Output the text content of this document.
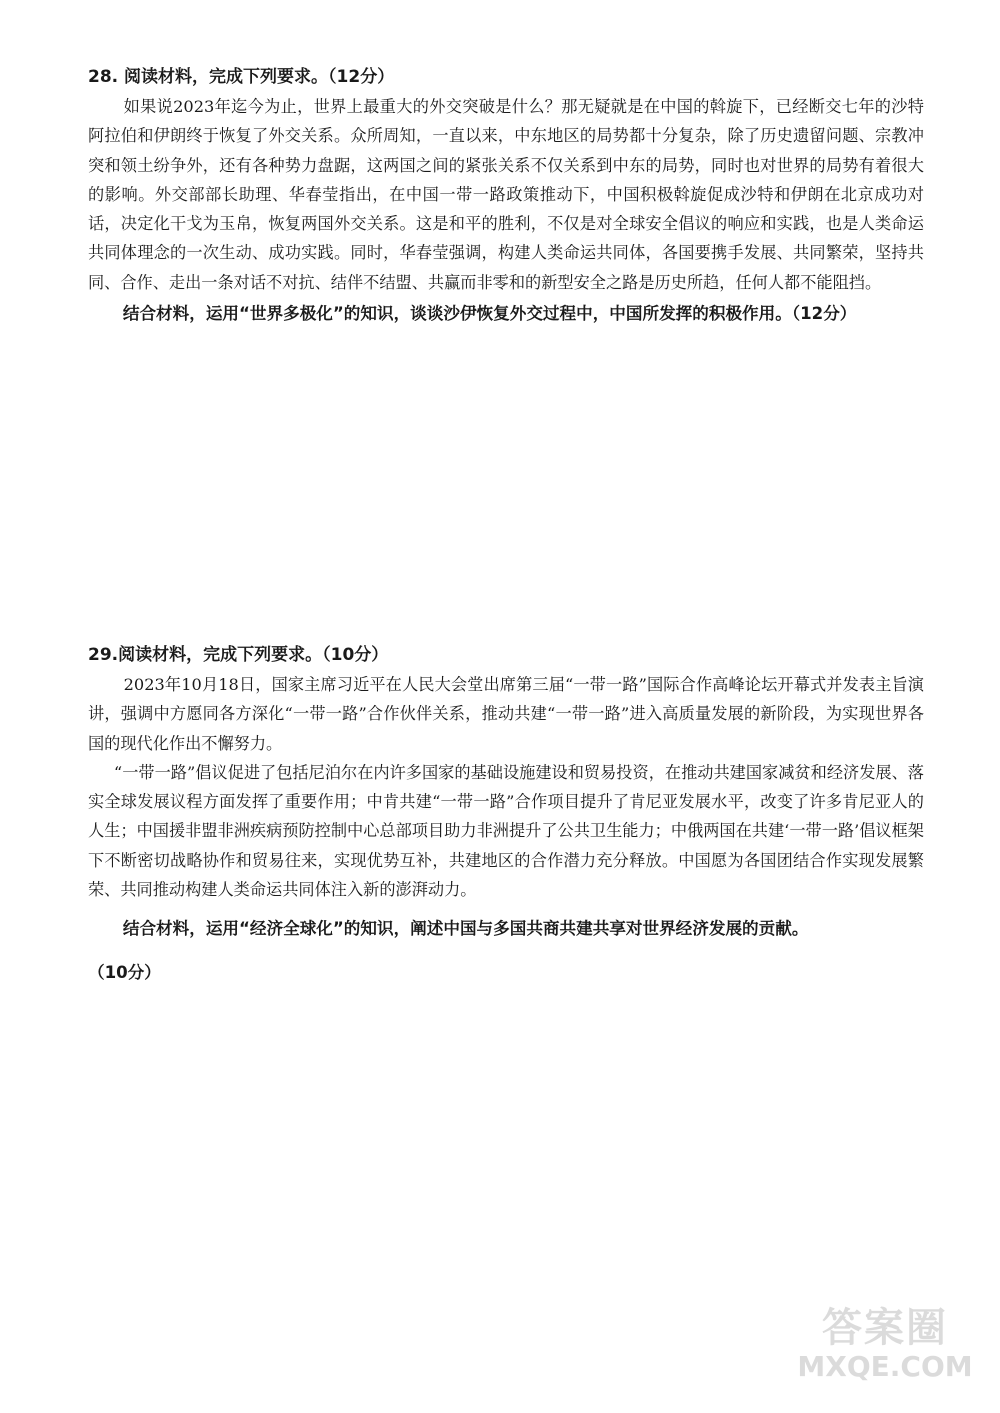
28. 阅读材料，完成下列要求。（12分）

如果说2023年迄今为止，世界上最重大的外交突破是什么？那无疑就是在中国的斡旋下，已经断交七年的沙特阿拉伯和伊朗终于恢复了外交关系。众所周知，一直以来，中东地区的局势都十分复杂，除了历史遗留问题、宗教冲突和领土纷争外，还有各种势力盘踞，这两国之间的紧张关系不仅关系到中东的局势，同时也对世界的局势有着很大的影响。外交部部长助理、华春莹指出，在中国一带一路政策推动下，中国积极斡旋促成沙特和伊朗在北京成功对话，决定化干戈为玉帛，恢复两国外交关系。这是和平的胜利，不仅是对全球安全倡议的响应和实践，也是人类命运共同体理念的一次生动、成功实践。同时，华春莹强调，构建人类命运共同体，各国要携手发展、共同繁荣，坚持共同、合作、走出一条对话不对抗、结伴不结盟、共赢而非零和的新型安全之路是历史所趋，任何人都不能阻挡。

结合材料，运用“世界多极化”的知识，谈谈沙伊恢复外交过程中，中国所发挥的积极作用。（12分）

29.阅读材料，完成下列要求。（10分）

2023年10月18日，国家主席习近平在人民大会堂出席第三届“一带一路”国际合作高峰论坛开幕式并发表主旨演讲，强调中方愿同各方深化“一带一路”合作伙伴关系，推动共建“一带一路”进入高质量发展的新阶段，为实现世界各国的现代化作出不懈努力。

“一带一路”倡议促进了包括尼泊尔在内许多国家的基础设施建设和贸易投资，在推动共建国家减贫和经济发展、落实全球发展议程方面发挥了重要作用；中肯共建“一带一路”合作项目提升了肯尼亚发展水平，改变了许多肯尼亚人的人生；中国援非盟非洲疾病预防控制中心总部项目助力非洲提升了公共卫生能力；中俄两国在共建‘一带一路’倡议框架下不断密切战略协作和贸易往来，实现优势互补，共建地区的合作潜力充分释放。中国愿为各国团结合作实现发展繁荣、共同推动构建人类命运共同体注入新的澎湃动力。

结合材料，运用“经济全球化”的知识，阐述中国与多国共商共建共享对世界经济发展的贡献。

（10分）

答案圈
MXQE.COM
